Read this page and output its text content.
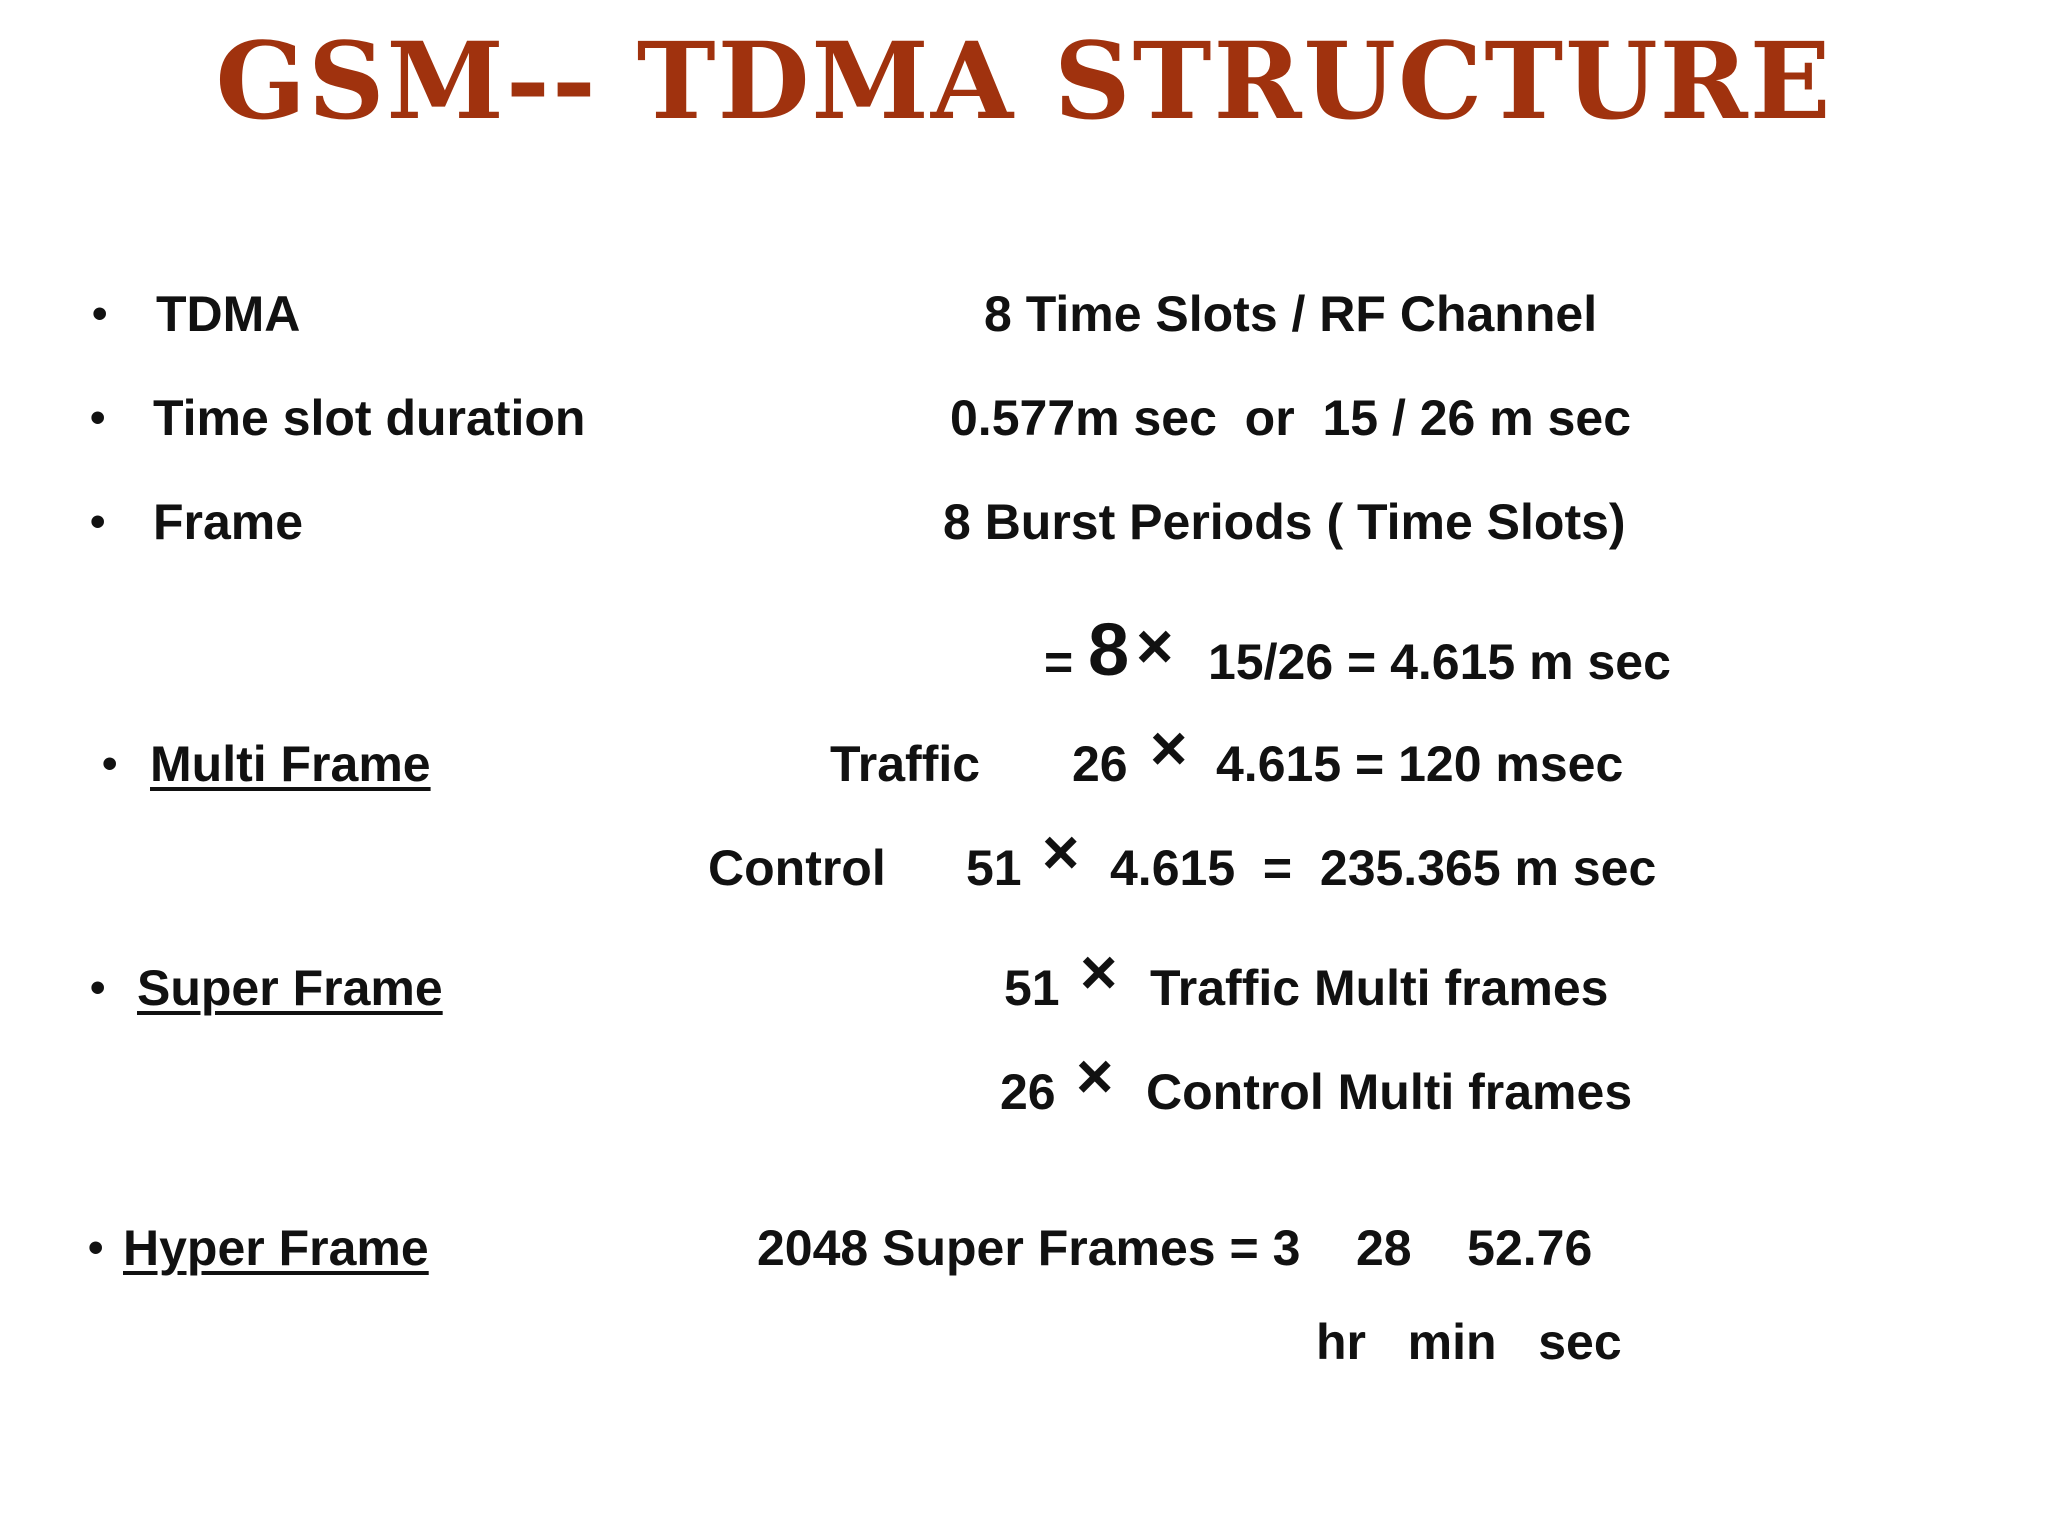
GSM-- TDMA STRUCTURE
• TDMA	8 Time Slots / RF Channel
• Time slot duration	0.577m sec  or  15 / 26 m sec
• Frame	8 Burst Periods ( Time Slots)
= 8 × 15/26 = 4.615 m sec
• Multi Frame	Traffic 26 × 4.615 = 120 msec
Control 51 × 4.615  =  235.365 m sec
• Super Frame	51 × Traffic Multi frames
26 × Control Multi frames
• Hyper Frame	2048 Super Frames = 3    28    52.76
hr   min   sec
